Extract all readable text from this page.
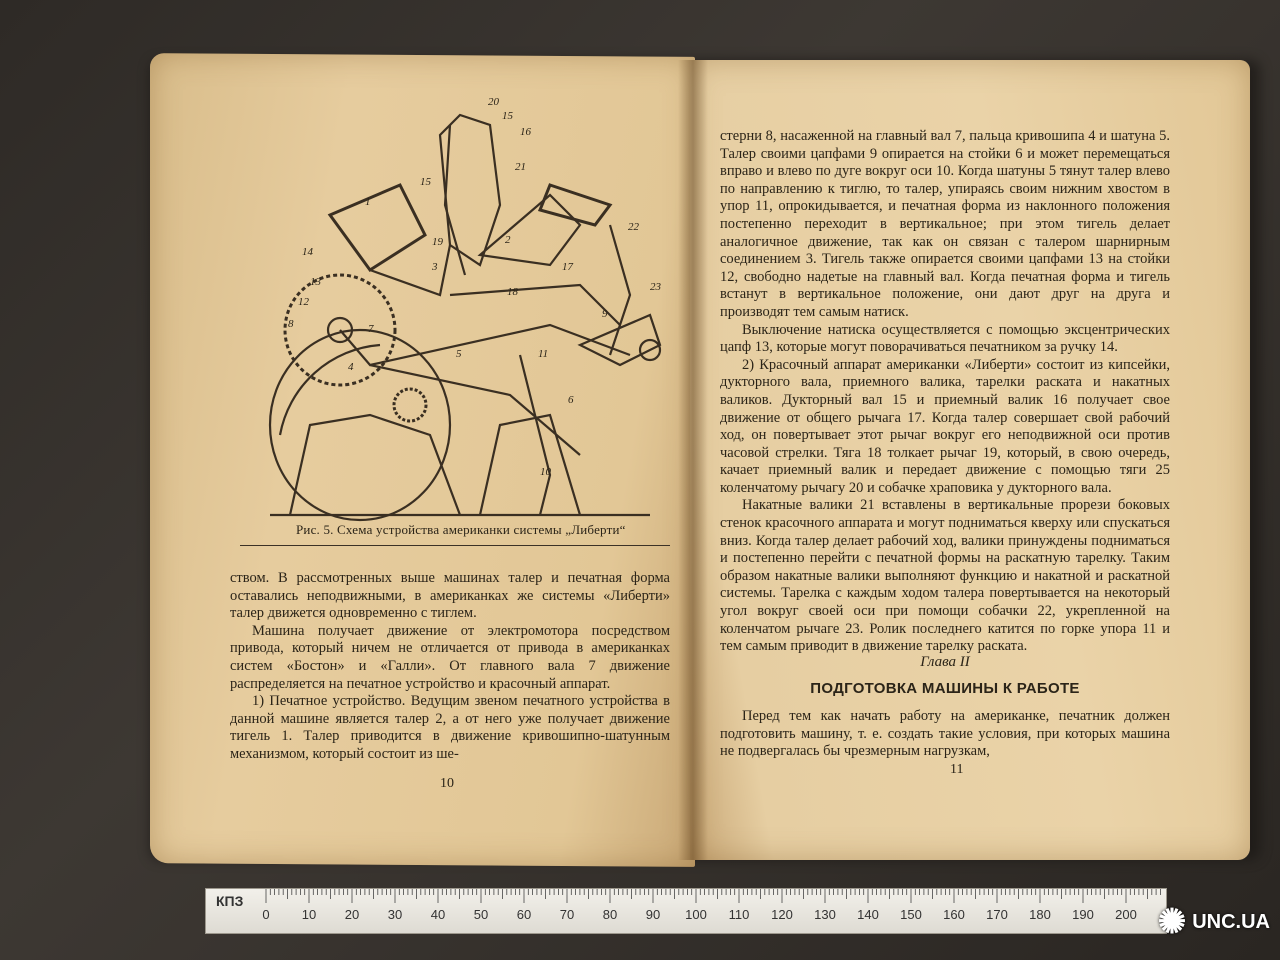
20
15
16
19
21
1
2
3
4
5
6
7
8
9
10
11
12
13
14
17
18
22
23
15
Рис. 5. Схема устройства американки системы „Либерти“

ством. В рассмотренных выше машинах талер и печатная форма оставались неподвижными, в американках же системы «Либерти» талер движется одновременно с тиглем.

Машина получает движение от электромотора посредством привода, который ничем не отличается от привода в американках систем «Бостон» и «Галли». От главного вала 7 движение распределяется на печатное устройство и красочный аппарат.

1) Печатное устройство. Ведущим звеном печатного устройства в данной машине является талер 2, а от него уже получает движение тигель 1. Талер приводится в движение кривошипно-шатунным механизмом, который состоит из ше-

10

стерни 8, насаженной на главный вал 7, пальца кривошипа 4 и шатуна 5. Талер своими цапфами 9 опирается на стойки 6 и может перемещаться вправо и влево по дуге вокруг оси 10. Когда шатуны 5 тянут талер влево по направлению к тиглю, то талер, упираясь своим нижним хвостом в упор 11, опрокидывается, и печатная форма из наклонного положения постепенно переходит в вертикальное; при этом тигель делает аналогичное движение, так как он связан с талером шарнирным соединением 3. Тигель также опирается своими цапфами 13 на стойки 12, свободно надетые на главный вал. Когда печатная форма и тигель встанут в вертикальное положение, они дают друг на друга и производят тем самым натиск.

Выключение натиска осуществляется с помощью эксцентрических цапф 13, которые могут поворачиваться печатником за ручку 14.

2) Красочный аппарат американки «Либерти» состоит из кипсейки, дукторного вала, приемного валика, тарелки раската и накатных валиков. Дукторный вал 15 и приемный валик 16 получает свое движение от общего рычага 17. Когда талер совершает свой рабочий ход, он повертывает этот рычаг вокруг его неподвижной оси против часовой стрелки. Тяга 18 толкает рычаг 19, который, в свою очередь, качает приемный валик и передает движение с помощью тяги 25 коленчатому рычагу 20 и собачке храповика у дукторного вала.

Накатные валики 21 вставлены в вертикальные прорези боковых стенок красочного аппарата и могут подниматься кверху или спускаться вниз. Когда талер делает рабочий ход, валики принуждены подниматься и постепенно перейти с печатной формы на раскатную тарелку. Таким образом накатные валики выполняют функцию и накатной и раскатной системы. Тарелка с каждым ходом талера повертывается на некоторый угол вокруг своей оси при помощи собачки 22, укрепленной на коленчатом рычаге 23. Ролик последнего катится по горке упора 11 и тем самым приводит в движение тарелку раската.

Глава II
ПОДГОТОВКА МАШИНЫ К РАБОТЕ

Перед тем как начать работу на американке, печатник должен подготовить машину, т. е. создать такие условия, при которых машина не подвергалась бы чрезмерным нагрузкам,

11
КПЗ
0 10 20 30 40 50 60 70 80 90 100 110 120 130 140 150 160 170 180 190 200 ✺ UNC.UA
